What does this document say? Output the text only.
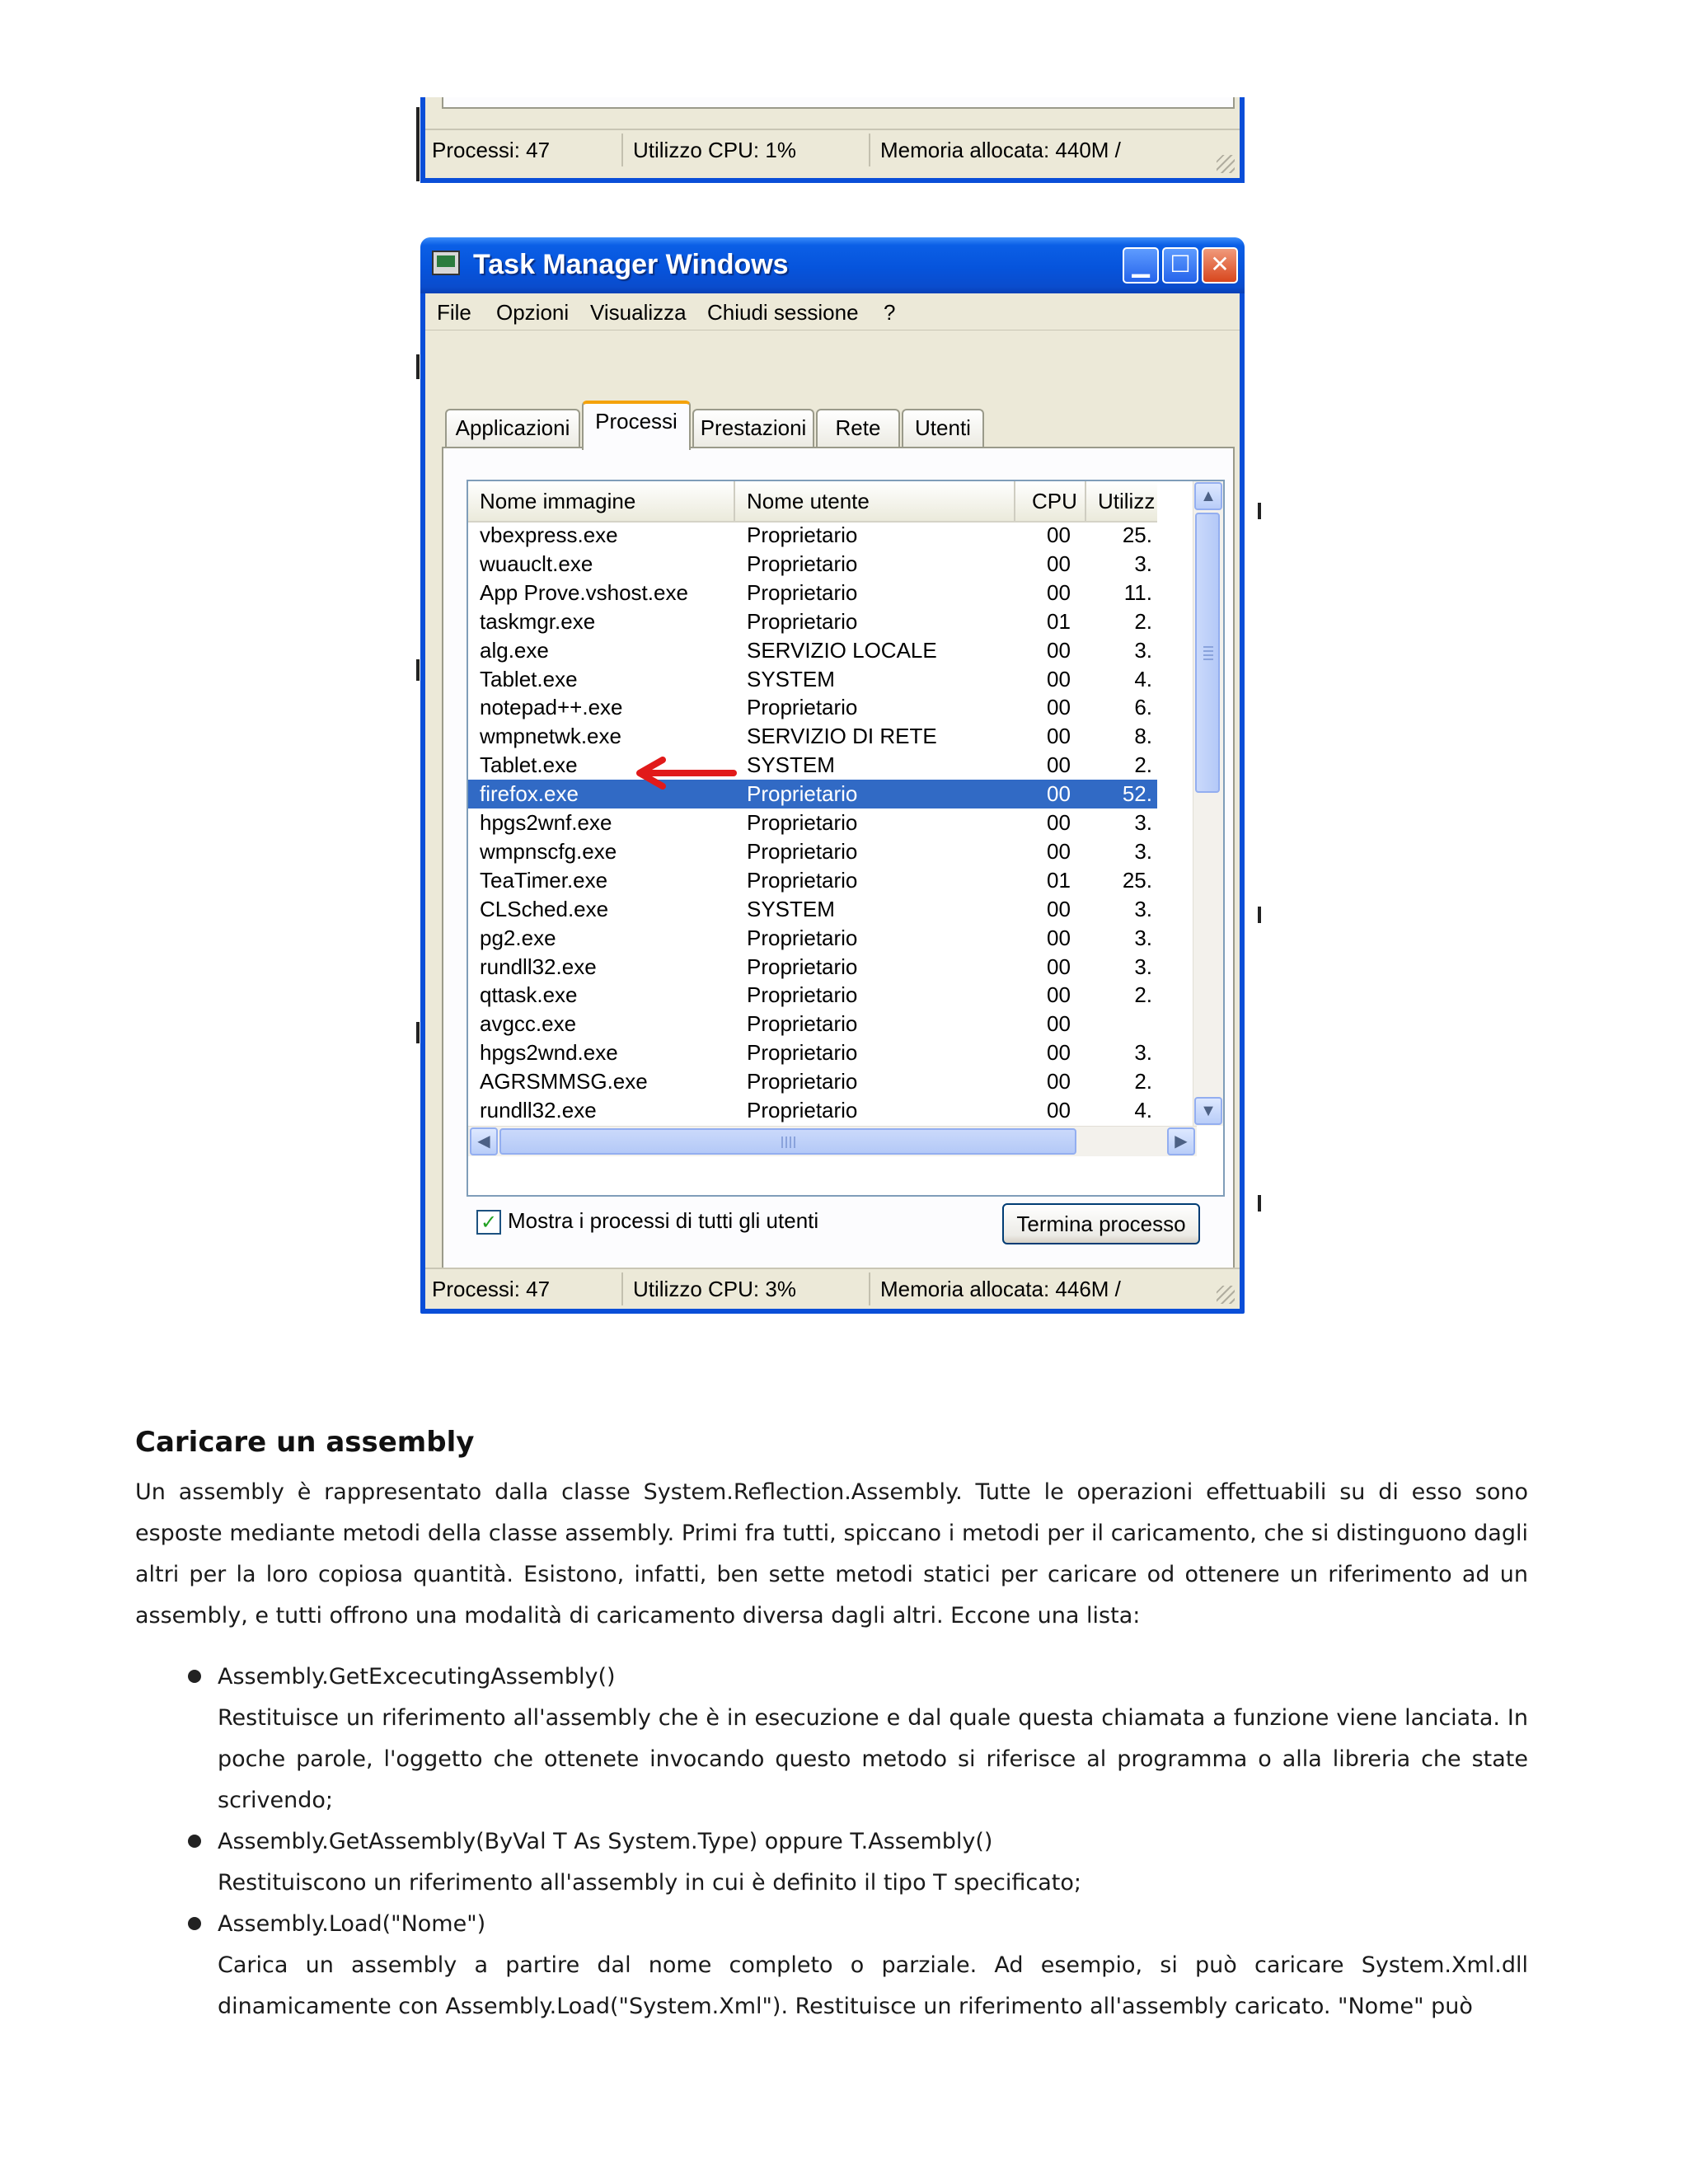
Processi: 47	Utilizzo CPU: 1%	Memoria allocata: 440M /
Task Manager Windows	▁ ☐ ✕
File Opzioni Visualizza Chiudi sessione ?
Applicazioni	Processi	Prestazioni	Rete	Utenti
Nome immagine	Nome utente	CPU Utilizz
vbexpress.exe	Proprietario	00	25.
wuauclt.exe	Proprietario	00	3.
App Prove.vshost.exe	Proprietario	00	11.
taskmgr.exe	Proprietario	01	2.
alg.exe	SERVIZIO LOCALE	00	3.
Tablet.exe	SYSTEM	00	4.
notepad++.exe	Proprietario	00	6.
wmpnetwk.exe	SERVIZIO DI RETE	00	8.
Tablet.exe	SYSTEM	00	2.
firefox.exe	Proprietario	00	52.
hpgs2wnf.exe	Proprietario	00	3.
wmpnscfg.exe	Proprietario	00	3.
TeaTimer.exe	Proprietario	01	25.
CLSched.exe	SYSTEM	00	3.
pg2.exe	Proprietario	00	3.
rundll32.exe	Proprietario	00	3.
qttask.exe	Proprietario	00	2.
avgcc.exe	Proprietario	00
hpgs2wnd.exe	Proprietario	00	3.
AGRSMMSG.exe	Proprietario	00	2.
rundll32.exe	Proprietario	00	4.
▲
▼
◀	▶
✓ Mostra i processi di tutti gli utenti	Termina processo
Processi: 47	Utilizzo CPU: 3%	Memoria allocata: 446M /
Caricare un assembly

Un assembly è rappresentato dalla classe System.Reflection.Assembly. Tutte le operazioni effettuabili su di esso sono esposte mediante metodi della classe assembly. Primi fra tutti, spiccano i metodi per il caricamento, che si distinguono dagli altri per la loro copiosa quantità. Esistono, infatti, ben sette metodi statici per caricare od ottenere un riferimento ad un assembly, e tutti offrono una modalità di caricamento diversa dagli altri. Eccone una lista:

Assembly.GetExcecutingAssembly()

Restituisce un riferimento all'assembly che è in esecuzione e dal quale questa chiamata a funzione viene lanciata. In poche parole, l'oggetto che ottenete invocando questo metodo si riferisce al programma o alla libreria che state scrivendo;

Assembly.GetAssembly(ByVal T As System.Type) oppure T.Assembly()

Restituiscono un riferimento all'assembly in cui è definito il tipo T specificato;

Assembly.Load("Nome")

Carica un assembly a partire dal nome completo o parziale. Ad esempio, si può caricare System.Xml.dll dinamicamente con Assembly.Load("System.Xml"). Restituisce un riferimento all'assembly caricato. "Nome" può
